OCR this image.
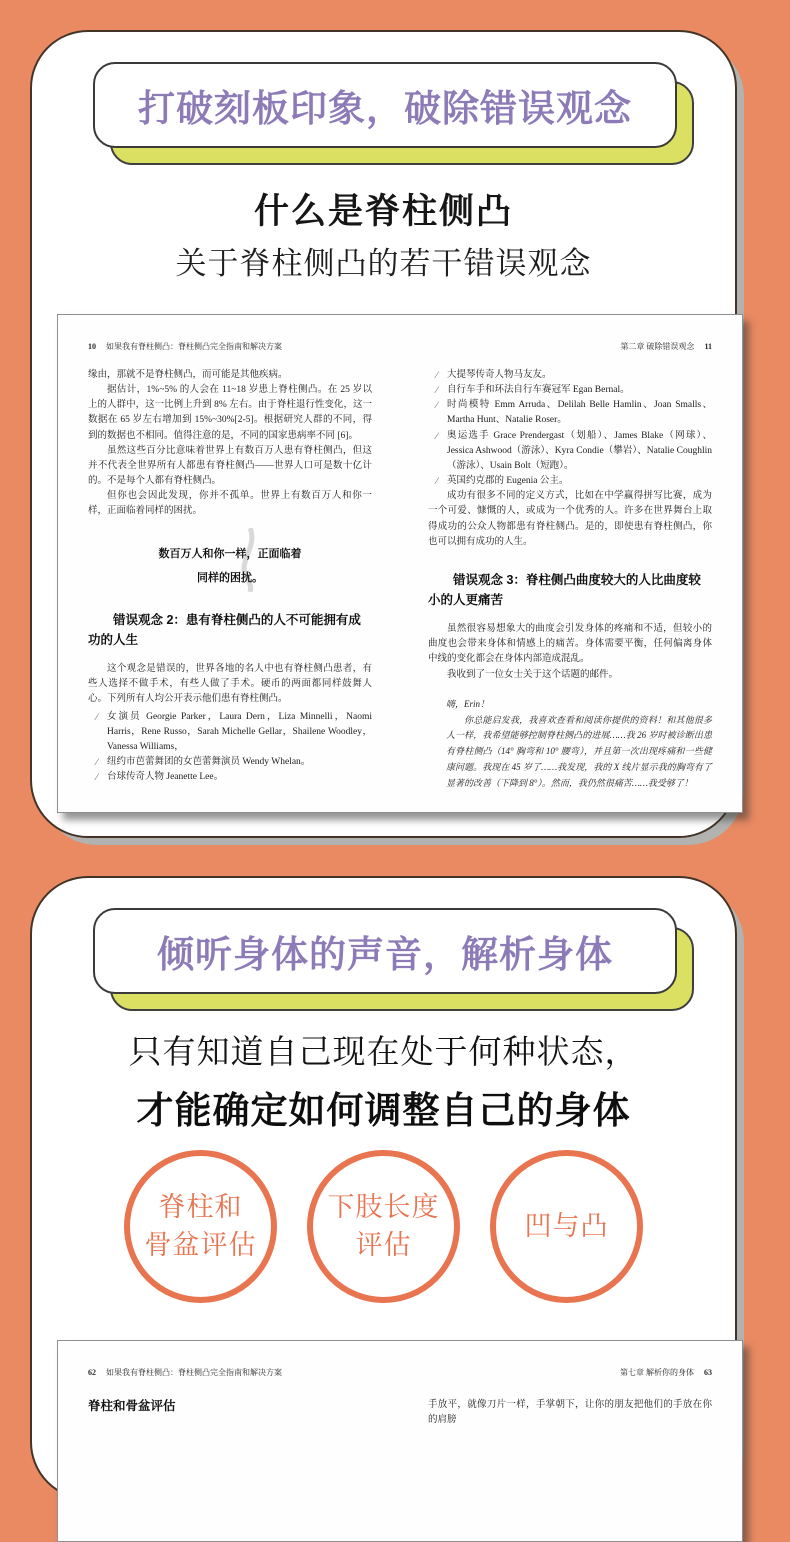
打破刻板印象，破除错误观念
什么是脊柱侧凸
关于脊柱侧凸的若干错误观念
10 如果我有脊柱侧凸：脊柱侧凸完全指南和解决方案

缘由，那就不是脊柱侧凸，而可能是其他疾病。

据估计，1%~5% 的人会在 11~18 岁患上脊柱侧凸。在 25 岁以上的人群中，这一比例上升到 8% 左右。由于脊柱退行性变化，这一数据在 65 岁左右增加到 15%~30%[2-5]。根据研究人群的不同，得到的数据也不相同。值得注意的是，不同的国家患病率不同 [6]。

虽然这些百分比意味着世界上有数百万人患有脊柱侧凸，但这并不代表全世界所有人都患有脊柱侧凸——世界人口可是数十亿计的。不是每个人都有脊柱侧凸。

但你也会因此发现，你并不孤单。世界上有数百万人和你一样，正面临着同样的困扰。

数百万人和你一样，正面临着
同样的困扰。
错误观念 2：患有脊柱侧凸的人不可能拥有成功的人生

这个观念是错误的，世界各地的名人中也有脊柱侧凸患者，有些人选择不做手术，有些人做了手术。硬币的两面都同样鼓舞人心。下列所有人均公开表示他们患有脊柱侧凸。

⁄ 女演员 Georgie Parker，Laura Dern，Liza Minnelli，Naomi Harris，Rene Russo，Sarah Michelle Gellar，Shailene Woodley，Vanessa Williams，
⁄ 纽约市芭蕾舞团的女芭蕾舞演员 Wendy Whelan。
⁄ 台球传奇人物 Jeanette Lee。
第二章 破除错误观念 11
⁄ 大提琴传奇人物马友友。
⁄ 自行车手和环法自行车赛冠军 Egan Bernal。
⁄ 时尚模特 Emm Arruda、Delilah Belle Hamlin、Joan Smalls、Martha Hunt、Natalie Roser。
⁄ 奥运选手 Grace Prendergast（划船）、James Blake（网球）、Jessica Ashwood（游泳）、Kyra Condie（攀岩）、Natalie Coughlin（游泳）、Usain Bolt（短跑）。
⁄ 英国约克郡的 Eugenia 公主。

成功有很多不同的定义方式，比如在中学赢得拼写比赛，成为一个可爱、慷慨的人，或成为一个优秀的人。许多在世界舞台上取得成功的公众人物都患有脊柱侧凸。是的，即使患有脊柱侧凸，你也可以拥有成功的人生。

错误观念 3：脊柱侧凸曲度较大的人比曲度较小的人更痛苦

虽然很容易想象大的曲度会引发身体的疼痛和不适，但较小的曲度也会带来身体和情感上的痛苦。身体需要平衡，任何偏离身体中线的变化都会在身体内部造成混乱。

我收到了一位女士关于这个话题的邮件。

嗨，Erin！
你总能启发我，我喜欢查看和阅读你提供的资料！和其他很多人一样，我希望能够控制脊柱侧凸的进展……我 26 岁时被诊断出患有脊柱侧凸（14° 胸弯和 10° 腰弯），并且第一次出现疼痛和一些健康问题。我现在 45 岁了……我发现，我的 X 线片显示我的胸弯有了显著的改善（下降到 8°）。然而，我仍然很痛苦……我受够了！
倾听身体的声音，解析身体
只有知道自己现在处于何种状态，
才能确定如何调整自己的身体
脊柱和
骨盆评估
下肢长度
评估
凹与凸
62 如果我有脊柱侧凸：脊柱侧凸完全指南和解决方案
脊柱和骨盆评估
第七章 解析你的身体 63

手放平，就像刀片一样，手掌朝下，让你的朋友把他们的手放在你的肩膀
